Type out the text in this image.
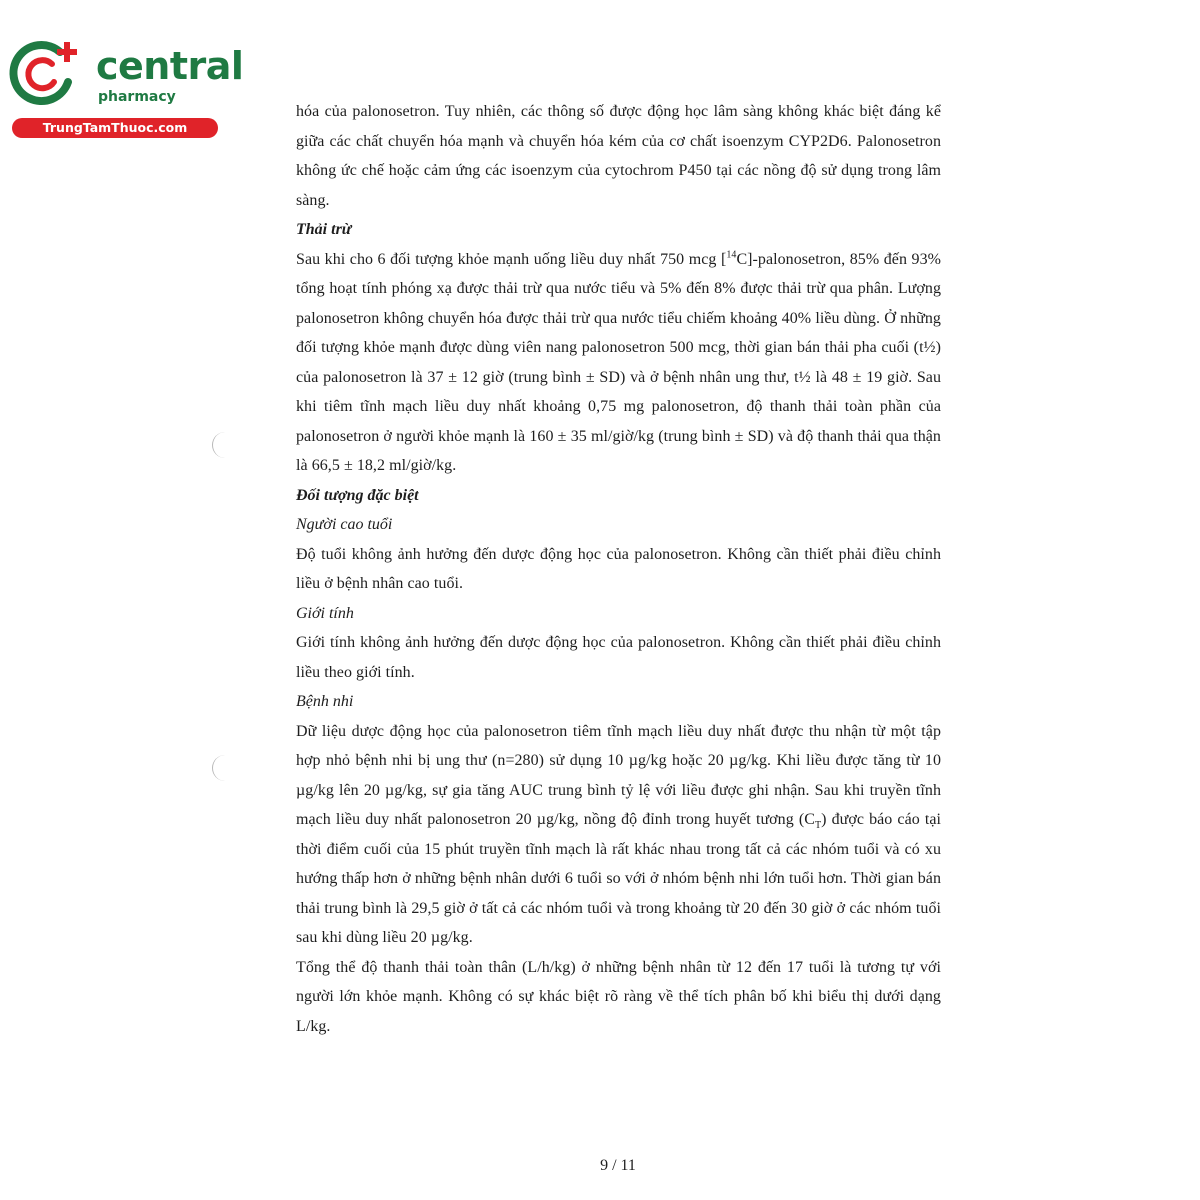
central
pharmacy
TrungTamThuoc.com

hóa của palonosetron. Tuy nhiên, các thông số được động học lâm sàng không khác biệt đáng kể giữa các chất chuyển hóa mạnh và chuyển hóa kém của cơ chất isoenzym CYP2D6. Palonosetron không ức chế hoặc cảm ứng các isoenzym của cytochrom P450 tại các nồng độ sử dụng trong lâm sàng.

Thải trừ

Sau khi cho 6 đối tượng khỏe mạnh uống liều duy nhất 750 mcg [$^{14}$C]-palonosetron, 85% đến 93% tổng hoạt tính phóng xạ được thải trừ qua nước tiểu và 5% đến 8% được thải trừ qua phân. Lượng palonosetron không chuyển hóa được thải trừ qua nước tiểu chiếm khoảng 40% liều dùng. Ở những đối tượng khỏe mạnh được dùng viên nang palonosetron 500 mcg, thời gian bán thải pha cuối (t½) của palonosetron là 37 ± 12 giờ (trung bình ± SD) và ở bệnh nhân ung thư, t½ là 48 ± 19 giờ. Sau khi tiêm tĩnh mạch liều duy nhất khoảng 0,75 mg palonosetron, độ thanh thải toàn phần của palonosetron ở người khỏe mạnh là 160 ± 35 ml/giờ/kg (trung bình ± SD) và độ thanh thải qua thận là 66,5 ± 18,2 ml/giờ/kg.

Đối tượng đặc biệt

Người cao tuổi

Độ tuổi không ảnh hưởng đến dược động học của palonosetron. Không cần thiết phải điều chỉnh liều ở bệnh nhân cao tuổi.

Giới tính

Giới tính không ảnh hưởng đến dược động học của palonosetron. Không cần thiết phải điều chỉnh liều theo giới tính.

Bệnh nhi

Dữ liệu dược động học của palonosetron tiêm tĩnh mạch liều duy nhất được thu nhận từ một tập hợp nhỏ bệnh nhi bị ung thư (n=280) sử dụng 10 µg/kg hoặc 20 µg/kg. Khi liều được tăng từ 10 µg/kg lên 20 µg/kg, sự gia tăng AUC trung bình tỷ lệ với liều được ghi nhận. Sau khi truyền tĩnh mạch liều duy nhất palonosetron 20 µg/kg, nồng độ đỉnh trong huyết tương $(C_T)$ được báo cáo tại thời điểm cuối của 15 phút truyền tĩnh mạch là rất khác nhau trong tất cả các nhóm tuổi và có xu hướng thấp hơn ở những bệnh nhân dưới 6 tuổi so với ở nhóm bệnh nhi lớn tuổi hơn. Thời gian bán thải trung bình là 29,5 giờ ở tất cả các nhóm tuổi và trong khoảng từ 20 đến 30 giờ ở các nhóm tuổi sau khi dùng liều 20 µg/kg.

Tổng thể độ thanh thải toàn thân (L/h/kg) ở những bệnh nhân từ 12 đến 17 tuổi là tương tự với người lớn khỏe mạnh. Không có sự khác biệt rõ ràng về thể tích phân bố khi biểu thị dưới dạng L/kg.

9 / 11
